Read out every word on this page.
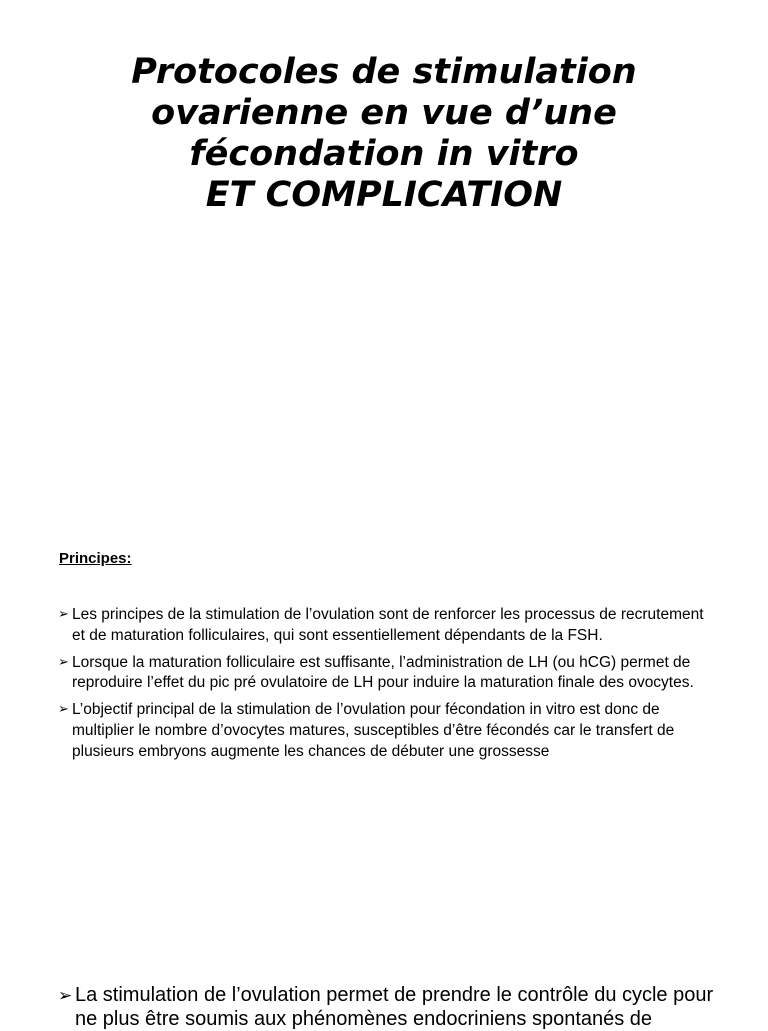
Protocoles de stimulation
ovarienne en vue d’une
fécondation in vitro
ET COMPLICATION
Principes:
➢ Les principes de la stimulation de l’ovulation sont de renforcer les processus de recrutement et de maturation folliculaires, qui sont essentiellement dépendants de la FSH.
➢ Lorsque la maturation folliculaire est suffisante, l’administration de LH (ou hCG) permet de reproduire l’effet du pic pré ovulatoire de LH pour induire la maturation finale des ovocytes.
➢ L’objectif principal de la stimulation de l’ovulation pour fécondation in vitro est donc de multiplier le nombre d’ovocytes matures, susceptibles d’être fécondés car le transfert de plusieurs embryons augmente les chances de débuter une grossesse
➢ La stimulation de l’ovulation permet de prendre le contrôle du cycle pour ne plus être soumis aux phénomènes endocriniens spontanés de
